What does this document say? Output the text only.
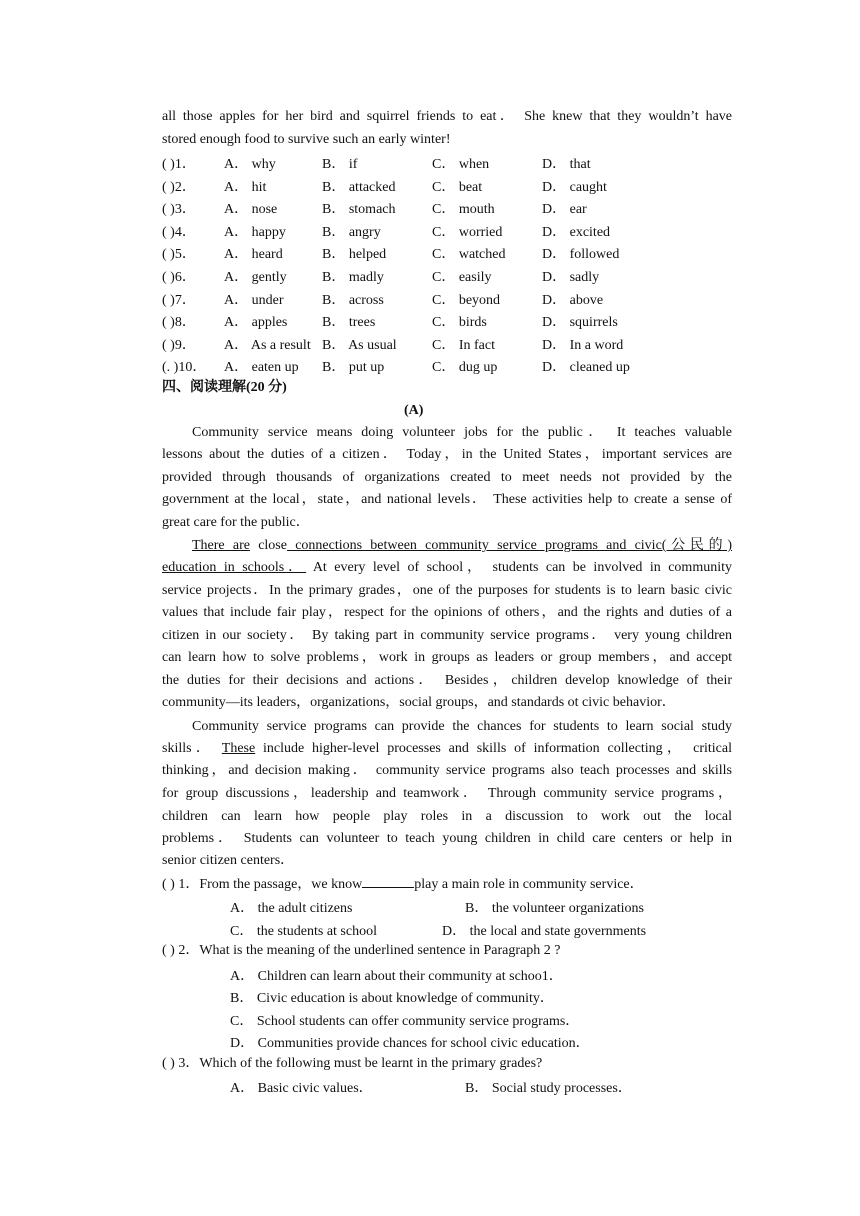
all those apples for her bird and squirrel friends to eat． She knew that they wouldn’t have
stored enough food to survive such an early winter!
( )1． A． why	B． if	C． when	D． that
( )2． A． hit	B． attacked	C． beat	D． caught
( )3． A． nose	B． stomach	C． mouth	D． ear
( )4． A． happy	B． angry	C． worried	D． excited
( )5． A． heard	B． helped	C． watched	D． followed
( )6． A． gently	B． madly	C． easily	D． sadly
( )7． A． under	B． across	C． beyond	D． above
( )8． A． apples B． trees	C． birds	D． squirrels
( )9． A． As a result B． As usual	C． In fact	D． In a word
(. )10． A． eaten up B． put up	C． dug up	D． cleaned up
四、阅读理解(20 分)
(A)
Community service means doing volunteer jobs for the public． It teaches valuable
lessons about the duties of a citizen． Today，in the United States，important services are
provided through thousands of organizations created to meet needs not provided by the
government at the local，state，and national levels． These activities help to create a sense of
great care for the public．
There are close connections between community service programs and civic(公民的)
education in schools． At every level of school， students can be involved in community
service projects．In the primary grades，one of the purposes for students is to learn basic civic
values that include fair play，respect for the opinions of others，and the rights and duties of a
citizen in our society． By taking part in community service programs． very young children
can learn how to solve problems，work in groups as leaders or group members，and accept
the duties for their decisions and actions． Besides，children develop knowledge of their
community—its leaders，organizations，social groups，and standards ot civic behavior．
Community service programs can provide the chances for students to learn social study
skills． These include higher-level processes and skills of information collecting， critical
thinking，and decision making． community service programs also teach processes and skills
for group discussions，leadership and teamwork． Through community service programs，
children can learn how people play roles in a discussion to work out the local
problems． Students can volunteer to teach young children in child care centers or help in
senior citizen centers．
( ) 1．From the passage，we know	play a main role in community service．
A． the adult citizens	B． the volunteer organizations
C． the students at school	D． the local and state governments
( ) 2．What is the meaning of the underlined sentence in Paragraph 2 ?
A． Children can learn about their community at schoo1．
B． Civic education is about knowledge of community．
C． School students can offer community service programs．
D． Communities provide chances for school civic education．
( ) 3．Which of the following must be learnt in the primary grades?
A． Basic civic values．	B． Social study processes．
